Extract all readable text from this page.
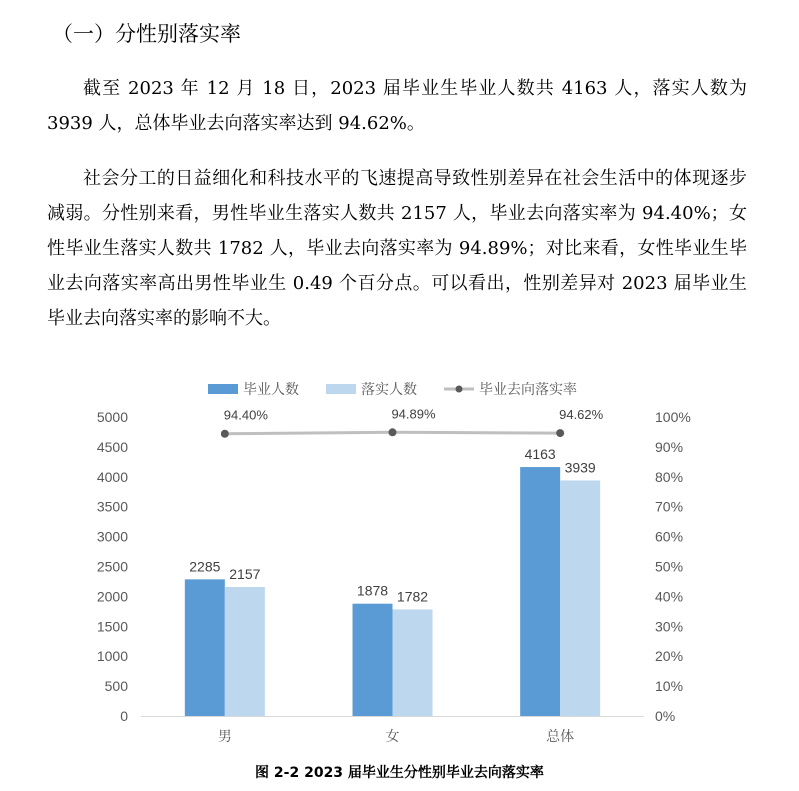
（一）分性别落实率

截至 2023 年 12 月 18 日，2023 届毕业生毕业人数共 4163 人，落实人数为 3939 人，总体毕业去向落实率达到 94.62%。

社会分工的日益细化和科技水平的飞速提高导致性别差异在社会生活中的体现逐步减弱。分性别来看，男性毕业生落实人数共 2157 人，毕业去向落实率为 94.40%；女性毕业生落实人数共 1782 人，毕业去向落实率为 94.89%；对比来看，女性毕业生毕业去向落实率高出男性毕业生 0.49 个百分点。可以看出，性别差异对 2023 届毕业生毕业去向落实率的影响不大。

毕业人数	落实人数	毕业去向落实率
0
500
1000
1500
2000
2500
3000
3500
4000
4500
5000
0%
10%
20%
30%
40%
50%
60%
70%
80%
90%
100%
2285 2157
1878 1782
4163
3939
94.40%	94.89%	94.62%
男	女	总体
图 2-2 2023 届毕业生分性别毕业去向落实率
